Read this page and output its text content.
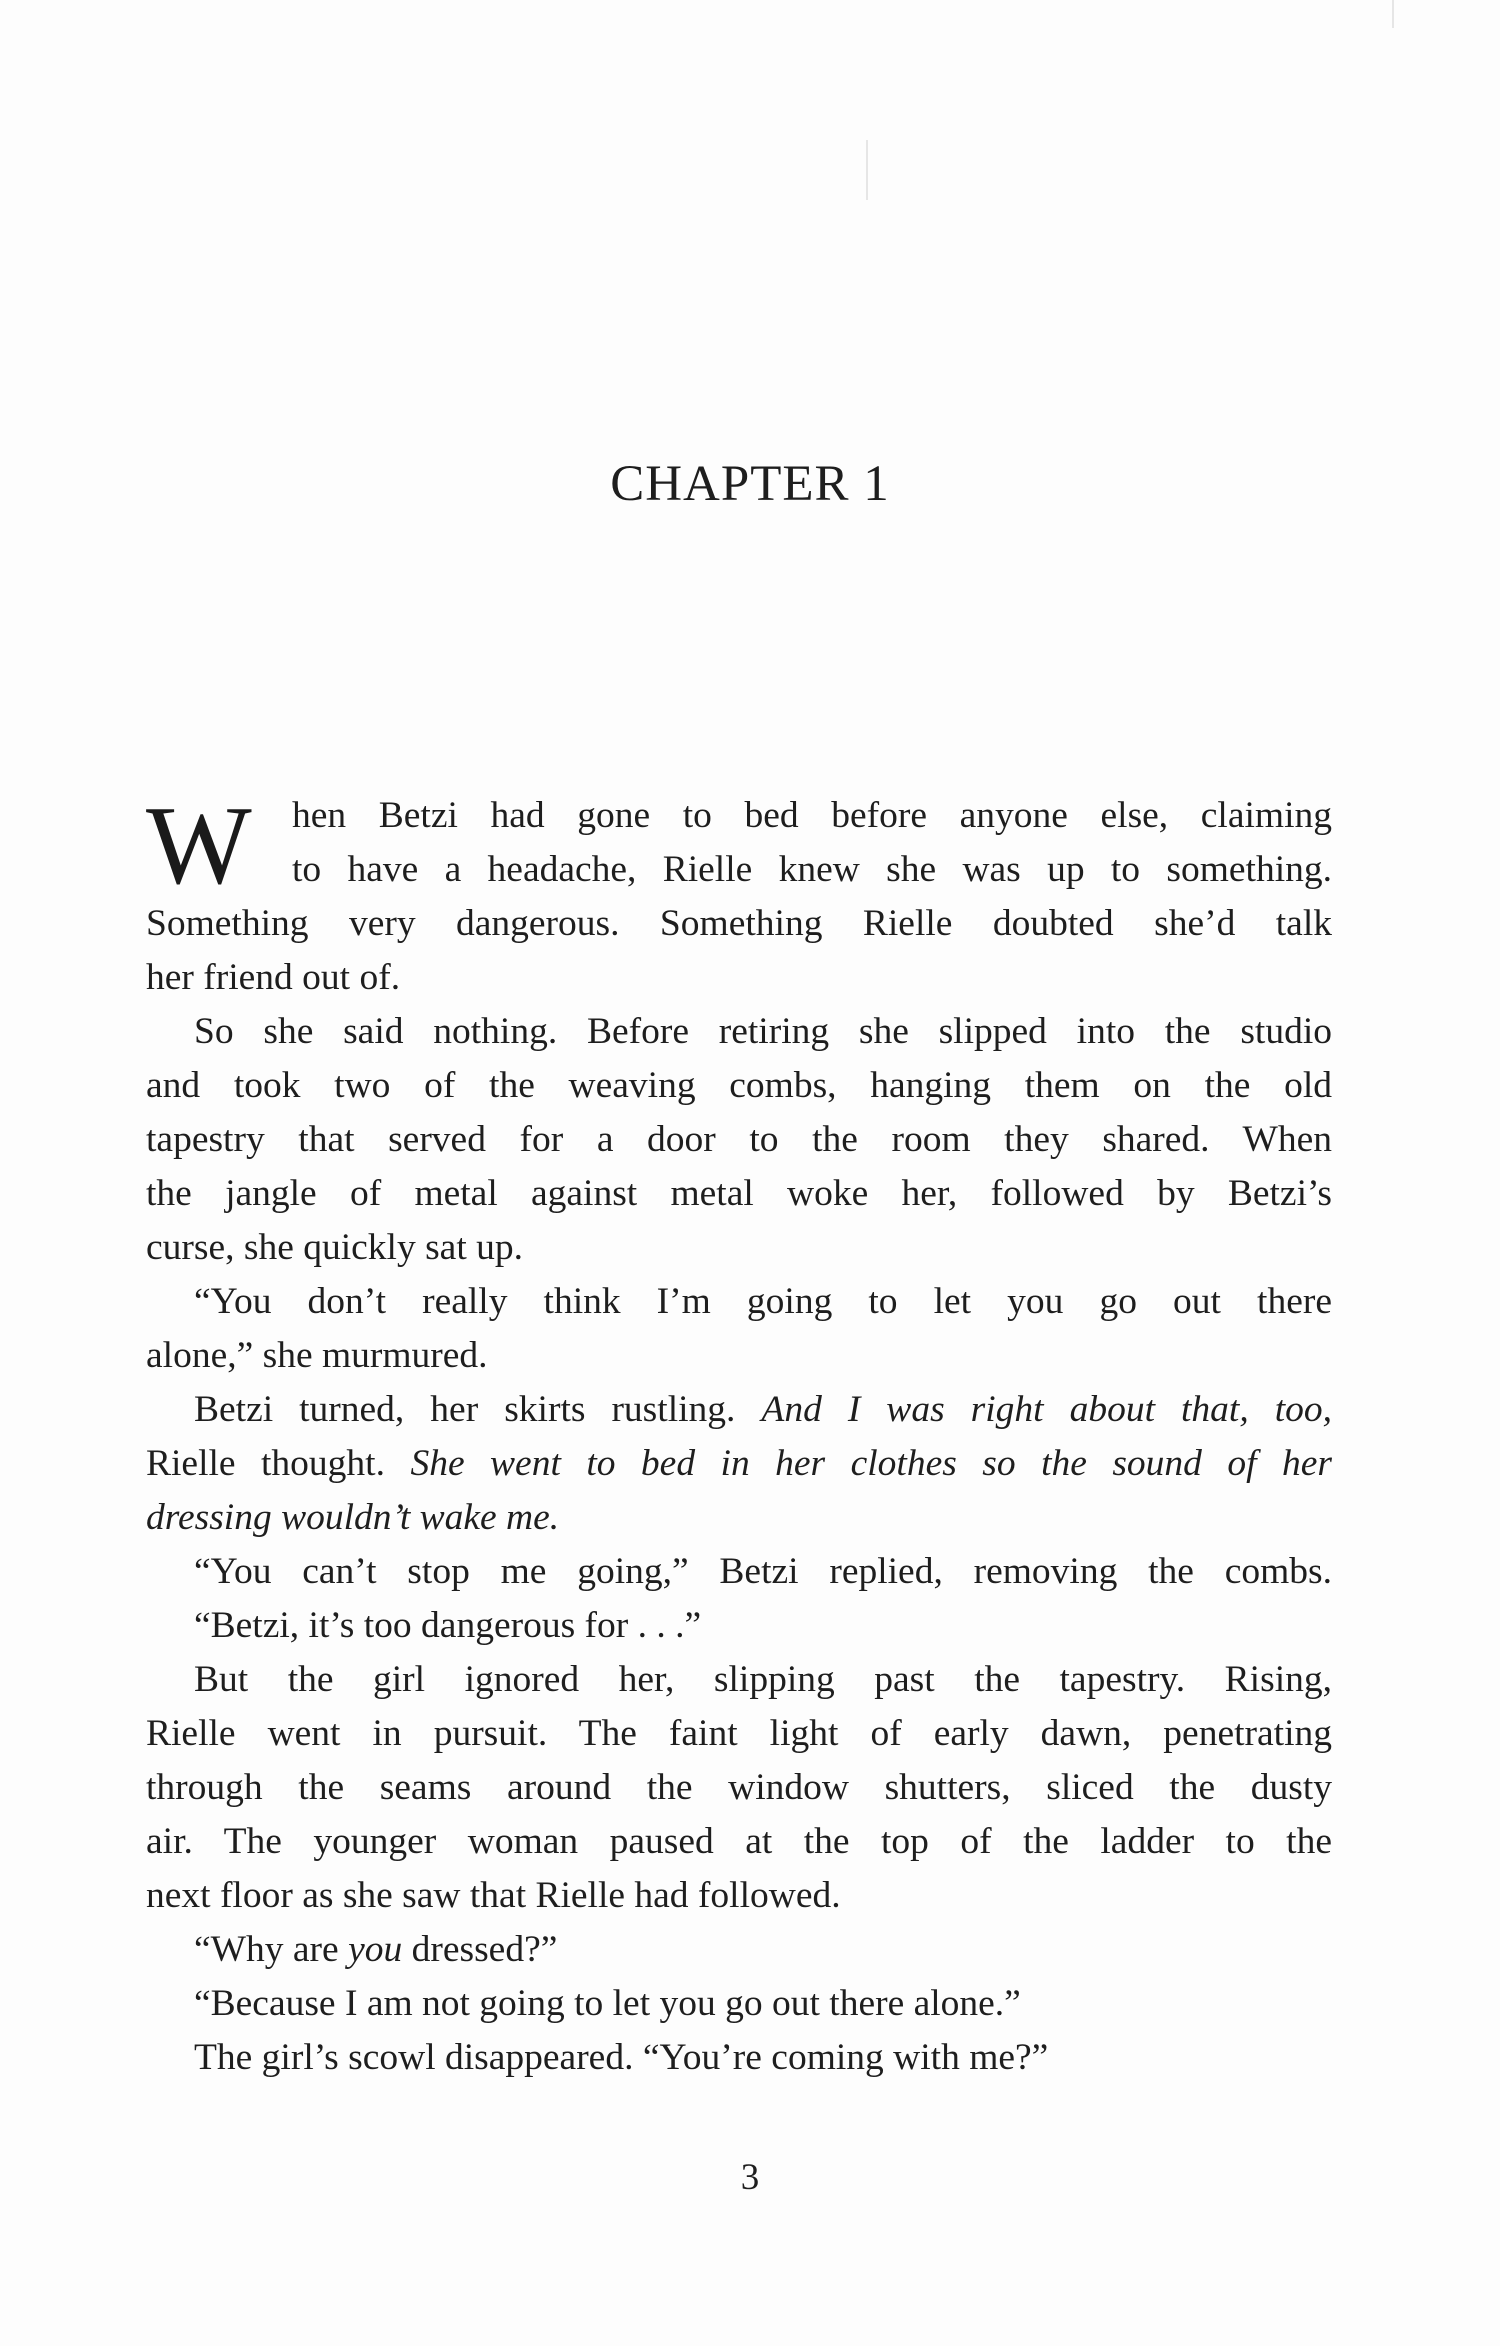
CHAPTER 1
W	hen Betzi had gone to bed before anyone else, claiming
to have a headache, Rielle knew she was up to something.
Something very dangerous. Something Rielle doubted she’d talk
her friend out of.
So she said nothing. Before retiring she slipped into the studio
and took two of the weaving combs, hanging them on the old
tapestry that served for a door to the room they shared. When
the jangle of metal against metal woke her, followed by Betzi’s
curse, she quickly sat up.
“You don’t really think I’m going to let you go out there
alone,” she murmured.
Betzi turned, her skirts rustling. And I was right about that, too,
Rielle thought. She went to bed in her clothes so the sound of her
dressing wouldn’t wake me.
“You can’t stop me going,” Betzi replied, removing the combs.
“Betzi, it’s too dangerous for . . .”
But the girl ignored her, slipping past the tapestry. Rising,
Rielle went in pursuit. The faint light of early dawn, penetrating
through the seams around the window shutters, sliced the dusty
air. The younger woman paused at the top of the ladder to the
next floor as she saw that Rielle had followed.
“Why are you dressed?”
“Because I am not going to let you go out there alone.”
The girl’s scowl disappeared. “You’re coming with me?”
3
